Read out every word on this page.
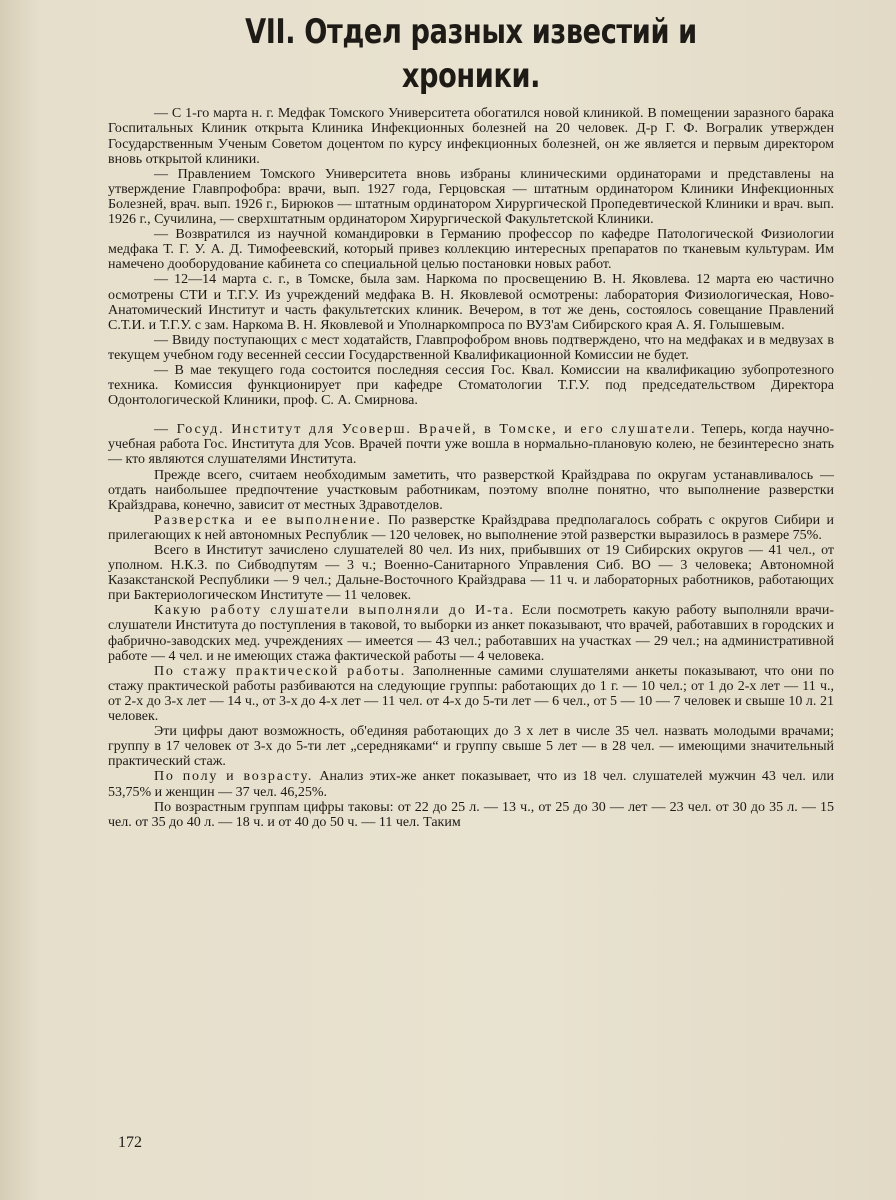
VII. Отдел разных известий и хроники.

— С 1-го марта н. г. Медфак Томского Университета обогатился новой клиникой. В помещении заразного барака Госпитальных Клиник открыта Клиника Инфекционных болезней на 20 человек. Д-р Г. Ф. Вогралик утвержден Государственным Ученым Советом доцентом по курсу инфекционных болезней, он же является и первым директором вновь открытой клиники.

— Правлением Томского Университета вновь избраны клиническими ординаторами и представлены на утверждение Главпрофобра: врачи, вып. 1927 года, Герцовская — штатным ординатором Клиники Инфекционных Болезней, врач. вып. 1926 г., Бирюков — штатным ординатором Хирургической Пропедевтической Клиники и врач. вып. 1926 г., Сучилина, — сверхштатным ординатором Хирургической Факультетской Клиники.

— Возвратился из научной командировки в Германию профессор по кафедре Патологической Физиологии медфака Т. Г. У. А. Д. Тимофеевский, который привез коллекцию интересных препаратов по тканевым культурам. Им намечено дооборудование кабинета со специальной целью постановки новых работ.

— 12—14 марта с. г., в Томске, была зам. Наркома по просвещению В. Н. Яковлева. 12 марта ею частично осмотрены СТИ и Т.Г.У. Из учреждений медфака В. Н. Яковлевой осмотрены: лаборатория Физиологическая, Ново-Анатомический Институт и часть факультетских клиник. Вечером, в тот же день, состоялось совещание Правлений С.Т.И. и Т.Г.У. с зам. Наркома В. Н. Яковлевой и Уполнаркомпроса по ВУЗ'ам Сибирского края А. Я. Голышевым.

— Ввиду поступающих с мест ходатайств, Главпрофобром вновь подтверждено, что на медфаках и в медвузах в текущем учебном году весенней сессии Государственной Квалификационной Комиссии не будет.

— В мае текущего года состоится последняя сессия Гос. Квал. Комиссии на квалификацию зубопротезного техника. Комиссия функционирует при кафедре Стоматологии Т.Г.У. под председательством Директора Одонтологической Клиники, проф. С. А. Смирнова.

— Госуд. Институт для Усоверш. Врачей, в Томске, и его слушатели. Теперь, когда научно-учебная работа Гос. Института для Усов. Врачей почти уже вошла в нормально-плановую колею, не безинтересно знать — кто являются слушателями Института.

Прежде всего, считаем необходимым заметить, что разверсткой Крайздрава по округам устанавливалось — отдать наибольшее предпочтение участковым работникам, поэтому вполне понятно, что выполнение разверстки Крайздрава, конечно, зависит от местных Здравотделов.

Разверстка и ее выполнение. По разверстке Крайздрава предполагалось собрать с округов Сибири и прилегающих к ней автономных Республик — 120 человек, но выполнение этой разверстки выразилось в размере 75%.

Всего в Институт зачислено слушателей 80 чел. Из них, прибывших от 19 Сибирских округов — 41 чел., от уполном. Н.К.З. по Сибводпутям — 3 ч.; Военно-Санитарного Управления Сиб. ВО — 3 человека; Автономной Казакстанской Республики — 9 чел.; Дальне-Восточного Крайздрава — 11 ч. и лабораторных работников, работающих при Бактериологическом Институте — 11 человек.

Какую работу слушатели выполняли до И-та. Если посмотреть какую работу выполняли врачи-слушатели Института до поступления в таковой, то выборки из анкет показывают, что врачей, работавших в городских и фабрично-заводских мед. учреждениях — имеется — 43 чел.; работавших на участках — 29 чел.; на административной работе — 4 чел. и не имеющих стажа фактической работы — 4 человека.

По стажу практической работы. Заполненные самими слушателями анкеты показывают, что они по стажу практической работы разбиваются на следующие группы: работающих до 1 г. — 10 чел.; от 1 до 2-х лет — 11 ч., от 2-х до 3-х лет — 14 ч., от 3-х до 4-х лет — 11 чел. от 4-х до 5-ти лет — 6 чел., от 5 — 10 — 7 человек и свыше 10 л. 21 человек.

Эти цифры дают возможность, об'единяя работающих до 3 х лет в числе 35 чел. назвать молодыми врачами; группу в 17 человек от 3-х до 5-ти лет „середняками“ и группу свыше 5 лет — в 28 чел. — имеющими значительный практический стаж.

По полу и возрасту. Анализ этих-же анкет показывает, что из 18 чел. слушателей мужчин 43 чел. или 53,75% и женщин — 37 чел. 46,25%.

По возрастным группам цифры таковы: от 22 до 25 л. — 13 ч., от 25 до 30 — лет — 23 чел. от 30 до 35 л. — 15 чел. от 35 до 40 л. — 18 ч. и от 40 до 50 ч. — 11 чел. Таким

172
